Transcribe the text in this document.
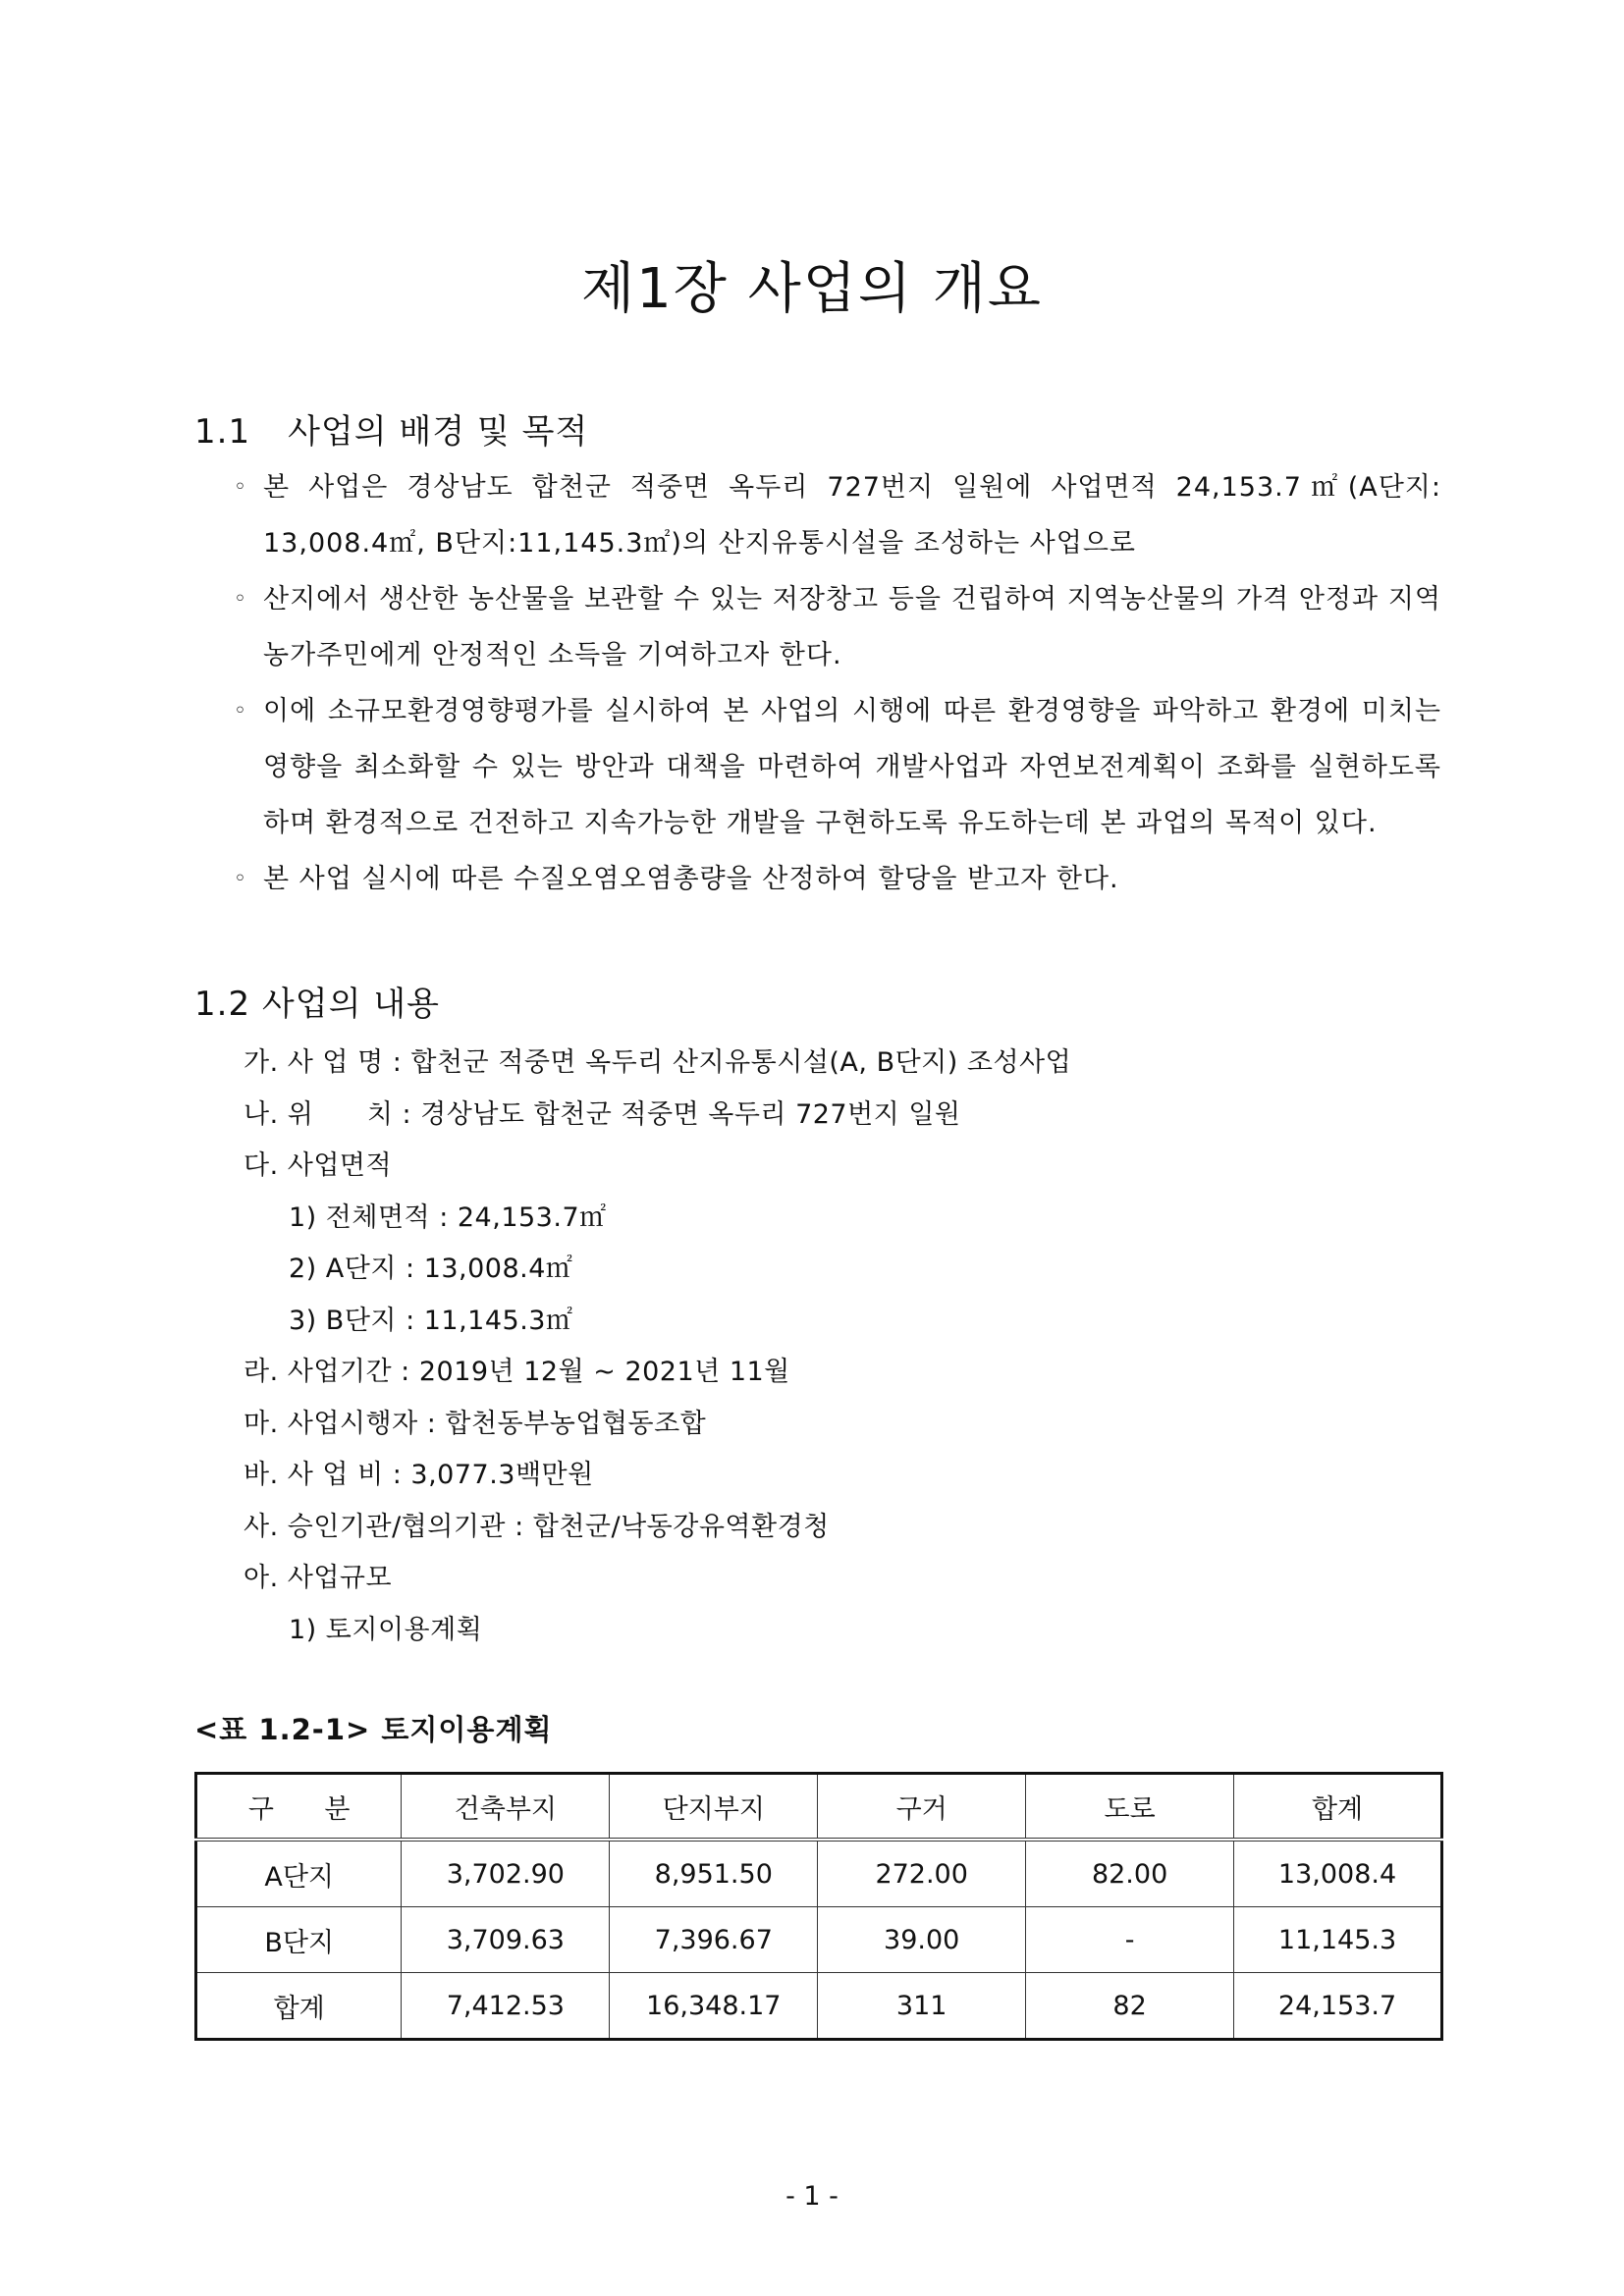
제1장 사업의 개요
1.1 사업의 배경 및 목적
◦ 본 사업은 경상남도 합천군 적중면 옥두리 727번지 일원에 사업면적 24,153.7㎡(A단지: 13,008.4㎡, B단지:11,145.3㎡)의 산지유통시설을 조성하는 사업으로
◦ 산지에서 생산한 농산물을 보관할 수 있는 저장창고 등을 건립하여 지역농산물의 가격 안정과 지역농가주민에게 안정적인 소득을 기여하고자 한다.
◦ 이에 소규모환경영향평가를 실시하여 본 사업의 시행에 따른 환경영향을 파악하고 환경에 미치는 영향을 최소화할 수 있는 방안과 대책을 마련하여 개발사업과 자연보전계획이 조화를 실현하도록 하며 환경적으로 건전하고 지속가능한 개발을 구현하도록 유도하는데 본 과업의 목적이 있다.
◦ 본 사업 실시에 따른 수질오염오염총량을 산정하여 할당을 받고자 한다.
1.2 사업의 내용
가. 사 업 명 : 합천군 적중면 옥두리 산지유통시설(A, B단지) 조성사업
나. 위      치 : 경상남도 합천군 적중면 옥두리 727번지 일원
다. 사업면적
1) 전체면적 : 24,153.7㎡
2) A단지 : 13,008.4㎡
3) B단지 : 11,145.3㎡
라. 사업기간 : 2019년 12월 ~ 2021년 11월
마. 사업시행자 : 합천동부농업협동조합
바. 사 업 비 : 3,077.3백만원
사. 승인기관/협의기관 : 합천군/낙동강유역환경청
아. 사업규모
1) 토지이용계획

<표 1.2-1> 토지이용계획

구      분	건축부지	단지부지	구거	도로	합계
A단지	3,702.90	8,951.50	272.00	82.00	13,008.4
B단지	3,709.63	7,396.67	39.00	-	11,145.3
합계	7,412.53	16,348.17	311	82	24,153.7

- 1 -
